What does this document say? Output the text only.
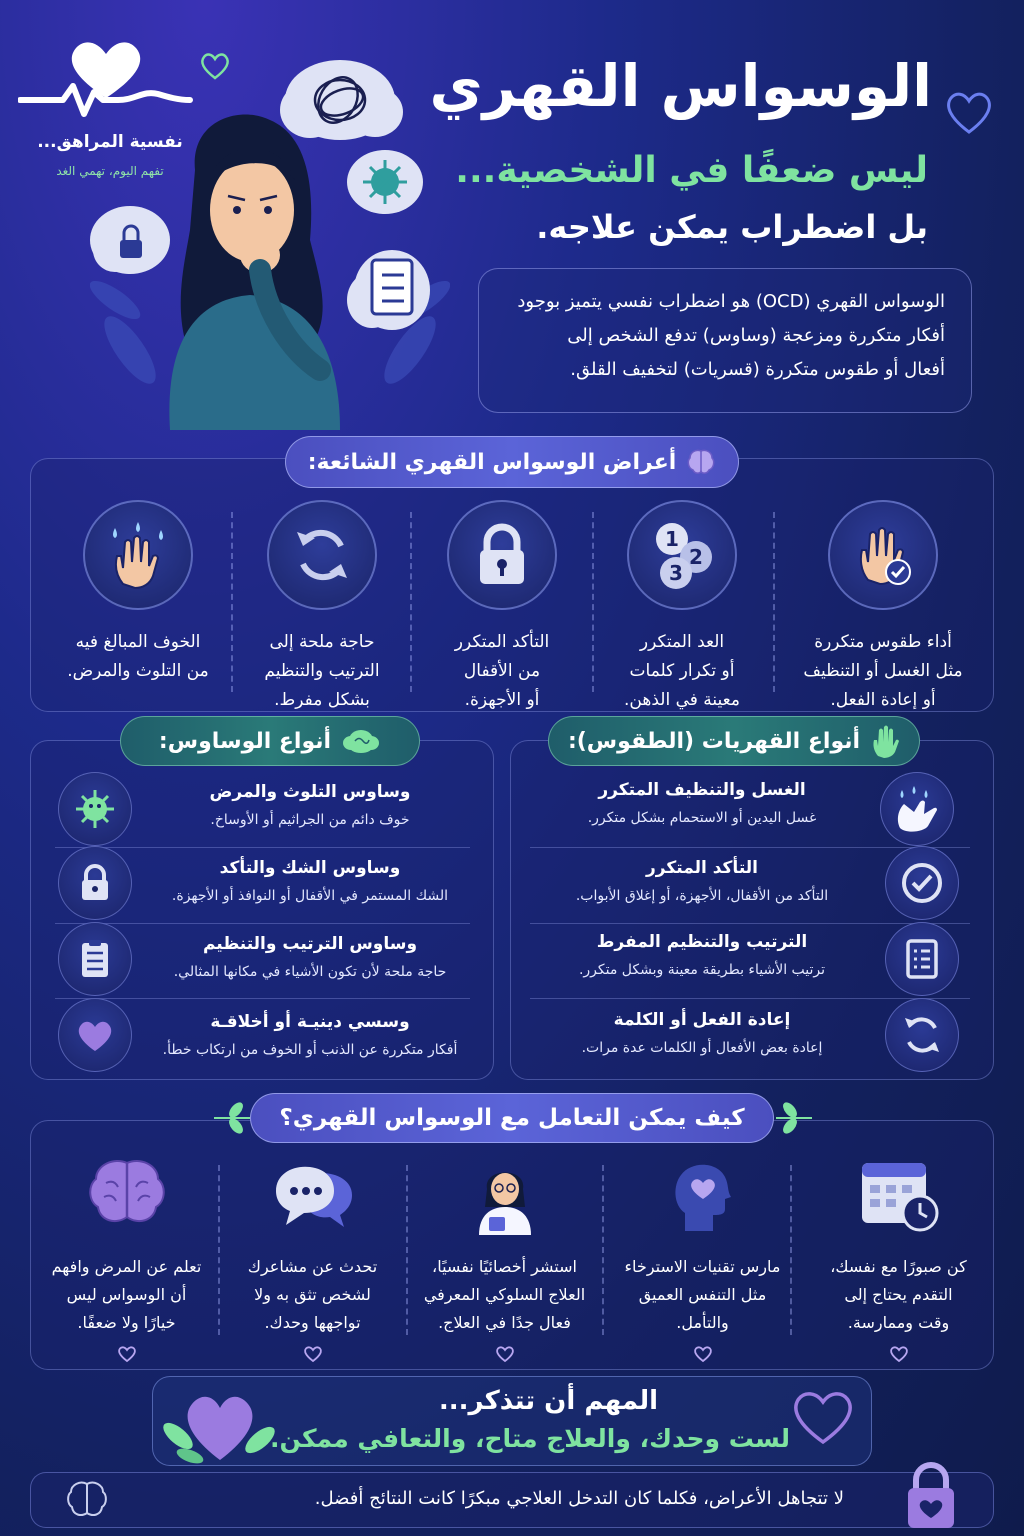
نفسية المراهق...
تفهم اليوم، تهمي الغد
الوسواس القهري
ليس ضعفًا في الشخصية...
بل اضطراب يمكن علاجه.
الوسواس القهري (OCD) هو اضطراب نفسي يتميز بوجود
أفكار متكررة ومزعجة (وساوس) تدفع الشخص إلى
أفعال أو طقوس متكررة (قسريات) لتخفيف القلق.
أعراض الوسواس القهري الشائعة:
أداء طقوس متكررة
مثل الغسل أو التنظيف
أو إعادة الفعل.
1
2
3
العد المتكرر
أو تكرار كلمات
معينة في الذهن.
التأكد المتكرر
من الأقفال
أو الأجهزة.
حاجة ملحة إلى
الترتيب والتنظيم
بشكل مفرط.
الخوف المبالغ فيه
من التلوث والمرض.
أنواع القهريات (الطقوس):
الغسل والتنظيف المتكرر
غسل اليدين أو الاستحمام بشكل متكرر.
التأكد المتكرر
التأكد من الأقفال، الأجهزة، أو إغلاق الأبواب.
الترتيب والتنظيم المفرط
ترتيب الأشياء بطريقة معينة وبشكل متكرر.
إعادة الفعل أو الكلمة
إعادة بعض الأفعال أو الكلمات عدة مرات.
أنواع الوساوس:
وساوس التلوث والمرض
خوف دائم من الجراثيم أو الأوساخ.
وساوس الشك والتأكد
الشك المستمر في الأقفال أو النوافذ أو الأجهزة.
وساوس الترتيب والتنظيم
حاجة ملحة لأن تكون الأشياء في مكانها المثالي.
وسسي دينيـة أو أخلاقـة
أفكار متكررة عن الذنب أو الخوف من ارتكاب خطأ.
كيف يمكن التعامل مع الوسواس القهري؟
كن صبورًا مع نفسك،
التقدم يحتاج إلى
وقت وممارسة.
مارس تقنيات الاسترخاء
مثل التنفس العميق
والتأمل.
استشر أخصائيًا نفسيًا،
العلاج السلوكي المعرفي
فعال جدًا في العلاج.
تحدث عن مشاعرك
لشخص تثق به ولا
تواجهها وحدك.
تعلم عن المرض وافهم
أن الوسواس ليس
خيارًا ولا ضعفًا.
المهم أن تتذكر...
لست وحدك، والعلاج متاح، والتعافي ممكن.
لا تتجاهل الأعراض، فكلما كان التدخل العلاجي مبكرًا كانت النتائج أفضل.
